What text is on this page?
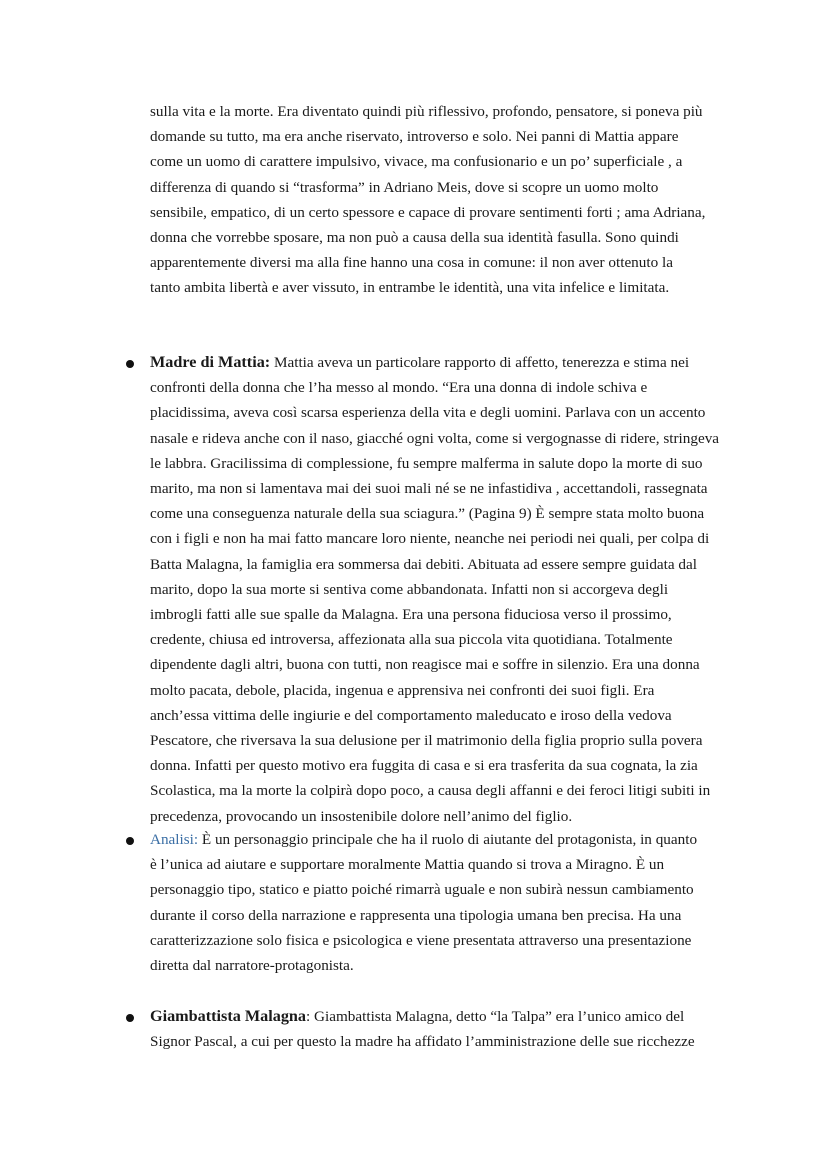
sulla vita e la morte. Era diventato quindi più riflessivo, profondo, pensatore, si poneva più
domande su tutto, ma era anche riservato, introverso e solo. Nei panni di Mattia appare
come un uomo di carattere impulsivo, vivace, ma confusionario e un po’ superficiale , a
differenza di quando si “trasforma” in Adriano Meis, dove si scopre un uomo molto
sensibile, empatico, di un certo spessore e capace di provare sentimenti forti ; ama Adriana,
donna che vorrebbe sposare, ma non può a causa della sua identità fasulla. Sono quindi
apparentemente diversi ma alla fine hanno una cosa in comune: il non aver ottenuto la
tanto ambita libertà e aver vissuto, in entrambe le identità, una vita infelice e limitata.
Madre di Mattia: Mattia aveva un particolare rapporto di affetto, tenerezza e stima nei
confronti della donna che l’ha messo al mondo. “Era una donna di indole schiva e
placidissima, aveva così scarsa esperienza della vita e degli uomini. Parlava con un accento
nasale e rideva anche con il naso, giacché ogni volta, come si vergognasse di ridere, stringeva
le labbra. Gracilissima di complessione, fu sempre malferma in salute dopo la morte di suo
marito, ma non si lamentava mai dei suoi mali né se ne infastidiva , accettandoli, rassegnata
come una conseguenza naturale della sua sciagura.” (Pagina 9) È sempre stata molto buona
con i figli e non ha mai fatto mancare loro niente, neanche nei periodi nei quali, per colpa di
Batta Malagna, la famiglia era sommersa dai debiti. Abituata ad essere sempre guidata dal
marito, dopo la sua morte si sentiva come abbandonata. Infatti non si accorgeva degli
imbrogli fatti alle sue spalle da Malagna. Era una persona fiduciosa verso il prossimo,
credente, chiusa ed introversa, affezionata alla sua piccola vita quotidiana. Totalmente
dipendente dagli altri, buona con tutti, non reagisce mai e soffre in silenzio. Era una donna
molto pacata, debole, placida, ingenua e apprensiva nei confronti dei suoi figli. Era
anch’essa vittima delle ingiurie e del comportamento maleducato e iroso della vedova
Pescatore, che riversava la sua delusione per il matrimonio della figlia proprio sulla povera
donna. Infatti per questo motivo era fuggita di casa e si era trasferita da sua cognata, la zia
Scolastica, ma la morte la colpirà dopo poco, a causa degli affanni e dei feroci litigi subiti in
precedenza, provocando un insostenibile dolore nell’animo del figlio.
Analisi: È un personaggio principale che ha il ruolo di aiutante del protagonista, in quanto
è l’unica ad aiutare e supportare moralmente Mattia quando si trova a Miragno. È un
personaggio tipo, statico e piatto poiché rimarrà uguale e non subirà nessun cambiamento
durante il corso della narrazione e rappresenta una tipologia umana ben precisa. Ha una
caratterizzazione solo fisica e psicologica e viene presentata attraverso una presentazione
diretta dal narratore-protagonista.
Giambattista Malagna: Giambattista Malagna, detto “la Talpa” era l’unico amico del
Signor Pascal, a cui per questo la madre ha affidato l’amministrazione delle sue ricchezze
